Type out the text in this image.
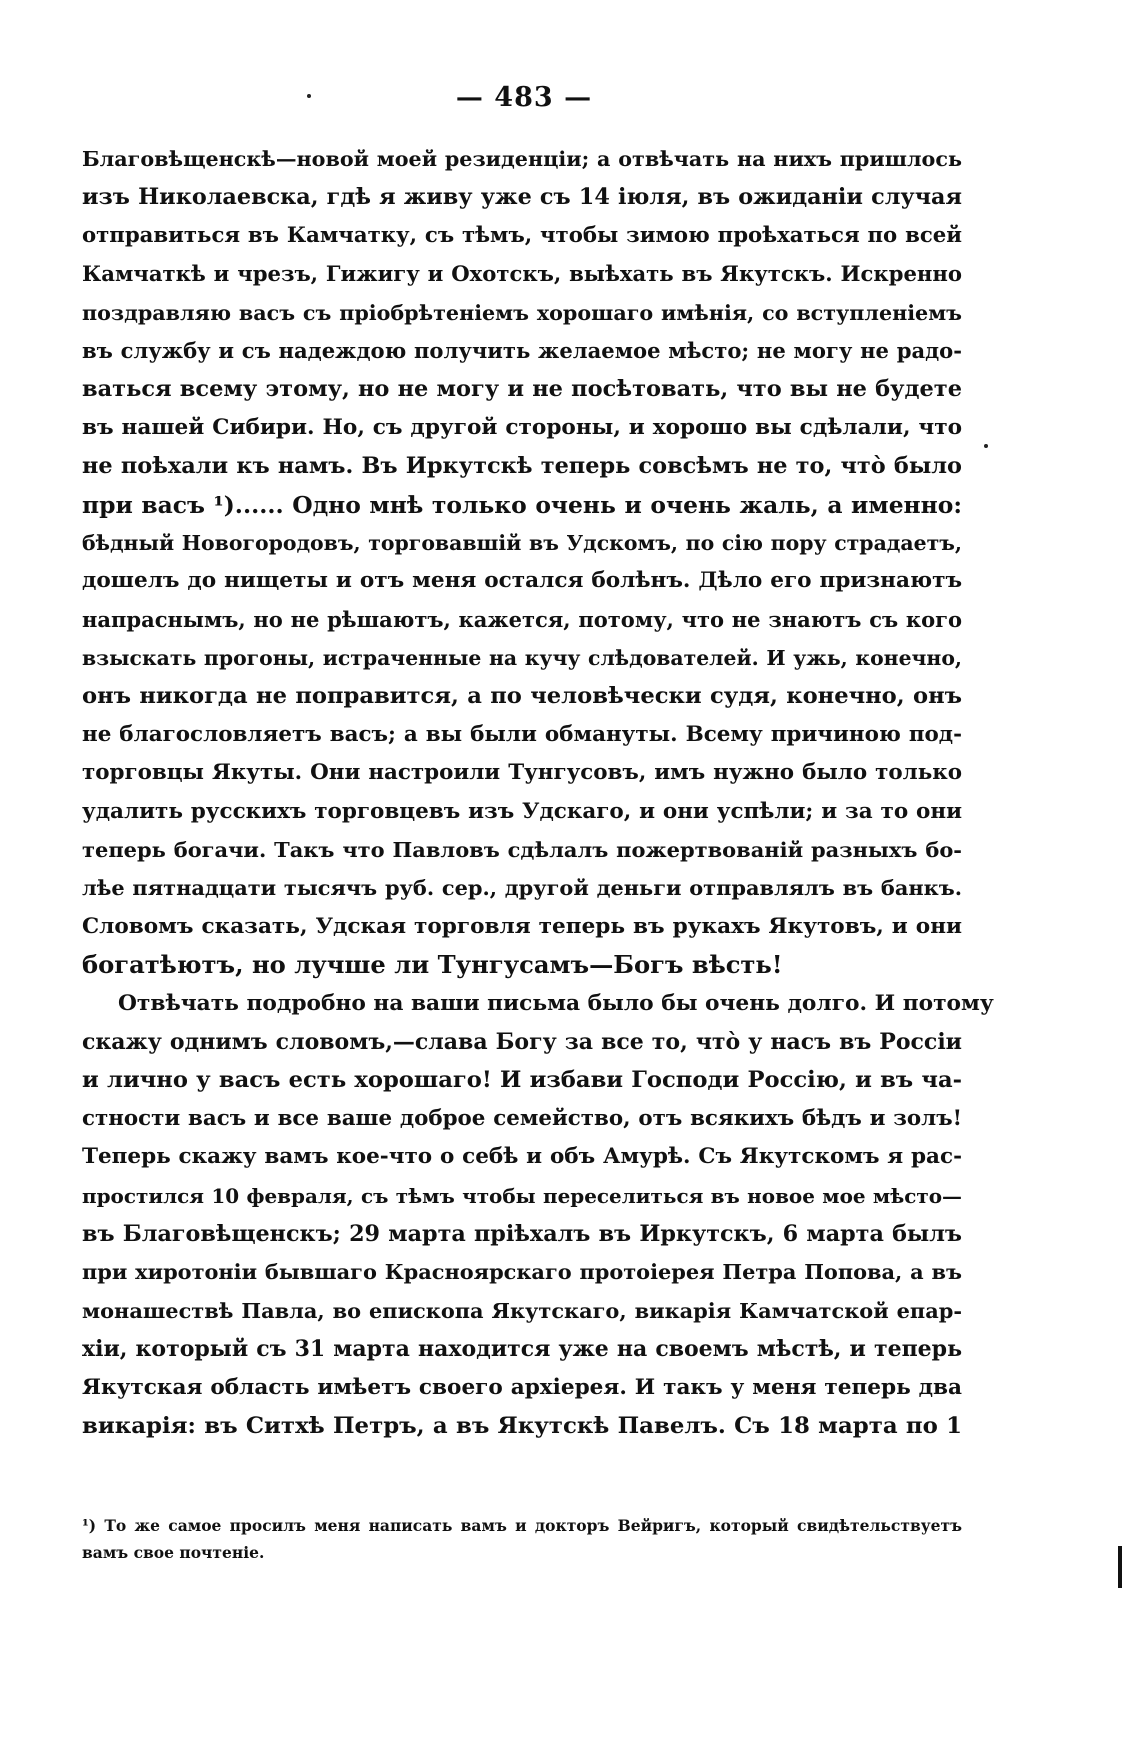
— 483 —
Благовѣщенскѣ—новой моей резиденціи; а отвѣчать на нихъ пришлось
изъ Николаевска, гдѣ я живу уже съ 14 іюля, въ ожиданіи случая
отправиться въ Камчатку, съ тѣмъ, чтобы зимою проѣхаться по всей
Камчаткѣ и чрезъ, Гижигу и Охотскъ, выѣхать въ Якутскъ. Искренно
поздравляю васъ съ пріобрѣтеніемъ хорошаго имѣнія, со вступленіемъ
въ службу и съ надеждою получить желаемое мѣсто; не могу не радо-
ваться всему этому, но не могу и не посѣтовать, что вы не будете
въ нашей Сибири. Но, съ другой стороны, и хорошо вы сдѣлали, что
не поѣхали къ намъ. Въ Иркутскѣ теперь совсѣмъ не то, чтò было
при васъ ¹)...... Одно мнѣ только очень и очень жаль, а именно:
бѣдный Новогородовъ, торговавшій въ Удскомъ, по сію пору страдаетъ,
дошелъ до нищеты и отъ меня остался болѣнъ. Дѣло его признаютъ
напраснымъ, но не рѣшаютъ, кажется, потому, что не знаютъ съ кого
взыскать прогоны, истраченные на кучу слѣдователей. И ужь, конечно,
онъ никогда не поправится, а по человѣчески судя, конечно, онъ
не благословляетъ васъ; а вы были обмануты. Всему причиною под-
торговцы Якуты. Они настроили Тунгусовъ, имъ нужно было только
удалить русскихъ торговцевъ изъ Удскаго, и они успѣли; и за то они
теперь богачи. Такъ что Павловъ сдѣлалъ пожертвованій разныхъ бо-
лѣе пятнадцати тысячъ руб. сер., другой деньги отправлялъ въ банкъ.
Словомъ сказать, Удская торговля теперь въ рукахъ Якутовъ, и они
богатѣютъ, но лучше ли Тунгусамъ—Богъ вѣсть!
Отвѣчать подробно на ваши письма было бы очень долго. И потому
скажу однимъ словомъ,—слава Богу за все то, чтò у насъ въ Россіи
и лично у васъ есть хорошаго! И избави Господи Россію, и въ ча-
стности васъ и все ваше доброе семейство, отъ всякихъ бѣдъ и золъ!
Теперь скажу вамъ кое-что о себѣ и объ Амурѣ. Съ Якутскомъ я рас-
простился 10 февраля, съ тѣмъ чтобы переселиться въ новое мое мѣсто—
въ Благовѣщенскъ; 29 марта пріѣхалъ въ Иркутскъ, 6 марта былъ
при хиротоніи бывшаго Красноярскаго протоіерея Петра Попова, а въ
монашествѣ Павла, во епископа Якутскаго, викарія Камчатской епар-
хіи, который съ 31 марта находится уже на своемъ мѣстѣ, и теперь
Якутская область имѣетъ своего архіерея. И такъ у меня теперь два
викарія: въ Ситхѣ Петръ, а въ Якутскѣ Павелъ. Съ 18 марта по 1
¹) То же самое просилъ меня написать вамъ и докторъ Вейригъ, который свидѣтельствуетъ
вамъ свое почтеніе.
